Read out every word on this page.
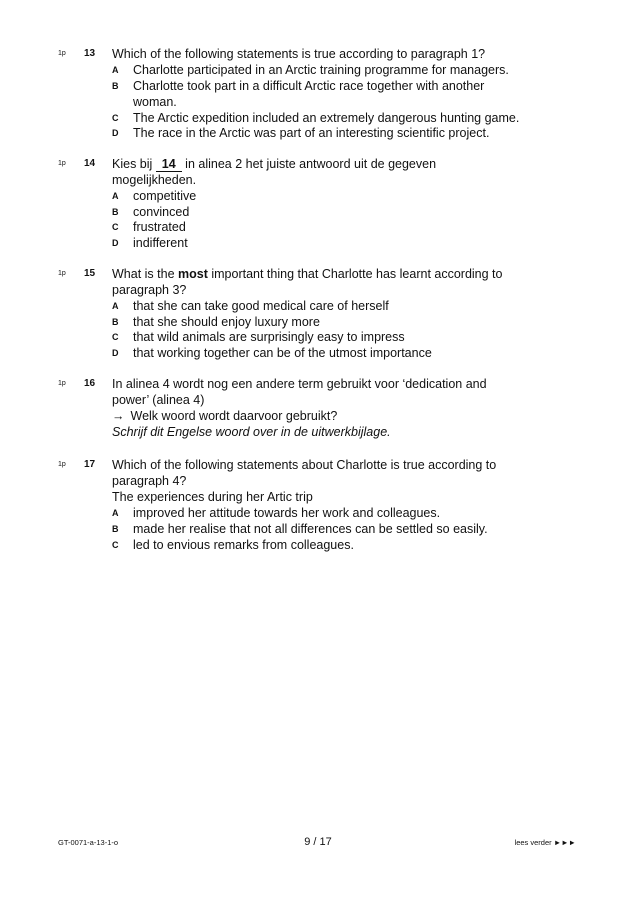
1p 13 Which of the following statements is true according to paragraph 1?
A Charlotte participated in an Arctic training programme for managers.
B Charlotte took part in a difficult Arctic race together with another
woman.
C The Arctic expedition included an extremely dangerous hunting game.
D The race in the Arctic was part of an interesting scientific project.
1p 14 Kies bij 14 in alinea 2 het juiste antwoord uit de gegeven
mogelijkheden.
A competitive
B convinced
C frustrated
D indifferent
1p 15 What is the most important thing that Charlotte has learnt according to
paragraph 3?
A that she can take good medical care of herself
B that she should enjoy luxury more
C that wild animals are surprisingly easy to impress
D that working together can be of the utmost importance
1p 16 In alinea 4 wordt nog een andere term gebruikt voor ‘dedication and
power’ (alinea 4)
→ Welk woord wordt daarvoor gebruikt?
Schrijf dit Engelse woord over in de uitwerkbijlage.
1p 17 Which of the following statements about Charlotte is true according to
paragraph 4?
The experiences during her Artic trip
A improved her attitude towards her work and colleagues.
B made her realise that not all differences can be settled so easily.
C led to envious remarks from colleagues.
GT-0071-a-13-1-o	9 / 17	lees verder ►►►
